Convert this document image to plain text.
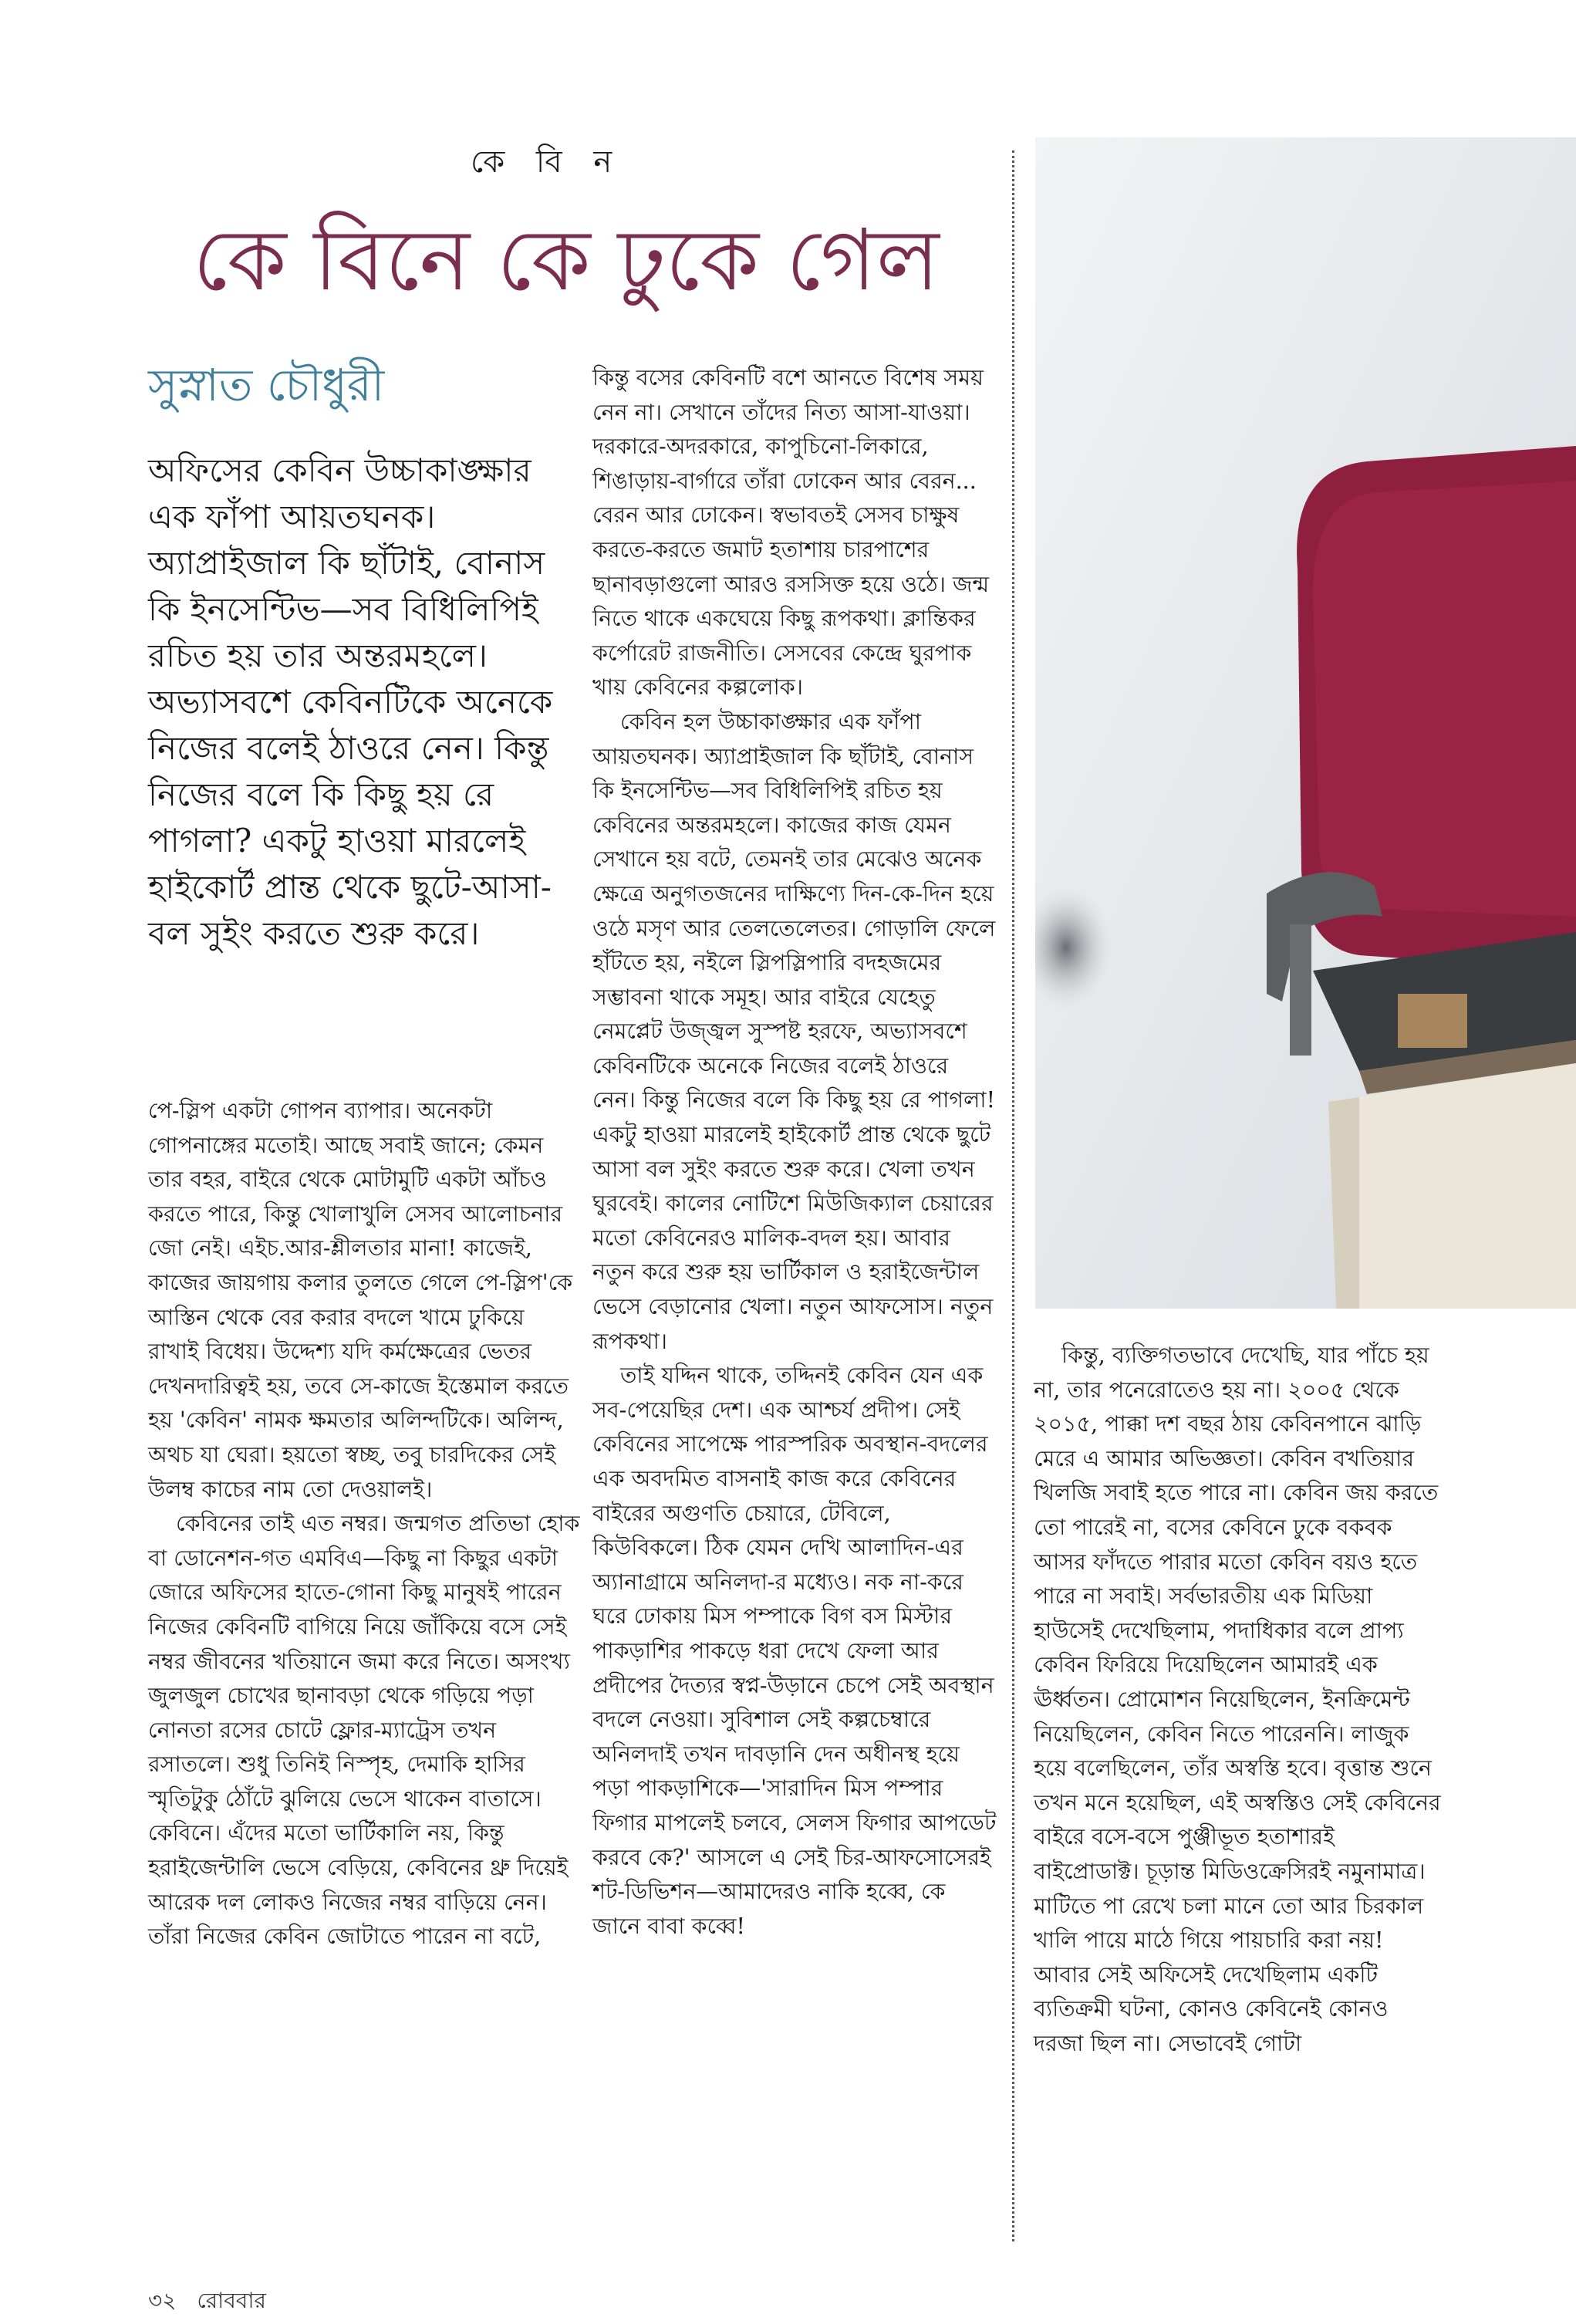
কে বি ন
কে বিনে কে ঢুকে গেল
সুস্নাত চৌধুরী

অফিসের কেবিন উচ্চাকাঙ্ক্ষার এক ফাঁপা আয়তঘনক। অ্যাপ্রাইজাল কি ছাঁটাই, বোনাস কি ইনসেন্টিভ—সব বিধিলিপিই রচিত হয় তার অন্তরমহলে। অভ্যাসবশে কেবিনটিকে অনেকে নিজের বলেই ঠাওরে নেন। কিন্তু নিজের বলে কি কিছু হয় রে পাগলা? একটু হাওয়া মারলেই হাইকোর্ট প্রান্ত থেকে ছুটে-আসা-বল সুইং করতে শুরু করে।

পে-স্লিপ একটা গোপন ব্যাপার। অনেকটা গোপনাঙ্গের মতোই। আছে সবাই জানে; কেমন তার বহর, বাইরে থেকে মোটামুটি একটা আঁচও করতে পারে, কিন্তু খোলাখুলি সেসব আলোচনার জো নেই। এইচ.আর-শ্লীলতার মানা! কাজেই, কাজের জায়গায় কলার তুলতে গেলে পে-স্লিপ'কে আস্তিন থেকে বের করার বদলে খামে ঢুকিয়ে রাখাই বিধেয়। উদ্দেশ্য যদি কর্মক্ষেত্রের ভেতর দেখনদারিত্বই হয়, তবে সে-কাজে ইস্তেমাল করতে হয় 'কেবিন' নামক ক্ষমতার অলিন্দটিকে। অলিন্দ, অথচ যা ঘেরা। হয়তো স্বচ্ছ, তবু চারদিকের সেই উলম্ব কাচের নাম তো দেওয়ালই।

কেবিনের তাই এত নম্বর। জন্মগত প্রতিভা হোক বা ডোনেশন-গত এমবিএ—কিছু না কিছুর একটা জোরে অফিসের হাতে-গোনা কিছু মানুষই পারেন নিজের কেবিনটি বাগিয়ে নিয়ে জাঁকিয়ে বসে সেই নম্বর জীবনের খতিয়ানে জমা করে নিতে। অসংখ্য জুলজুল চোখের ছানাবড়া থেকে গড়িয়ে পড়া নোনতা রসের চোটে ফ্লোর-ম্যাট্রেস তখন রসাতলে। শুধু তিনিই নিস্পৃহ, দেমাকি হাসির স্মৃতিটুকু ঠোঁটে ঝুলিয়ে ভেসে থাকেন বাতাসে। কেবিনে। এঁদের মতো ভার্টিকালি নয়, কিন্তু হরাইজেন্টালি ভেসে বেড়িয়ে, কেবিনের থ্রু দিয়েই আরেক দল লোকও নিজের নম্বর বাড়িয়ে নেন। তাঁরা নিজের কেবিন জোটাতে পারেন না বটে,

কিন্তু বসের কেবিনটি বশে আনতে বিশেষ সময় নেন না। সেখানে তাঁদের নিত্য আসা-যাওয়া। দরকারে-অদরকারে, কাপুচিনো-লিকারে, শিঙাড়ায়-বার্গারে তাঁরা ঢোকেন আর বেরন... বেরন আর ঢোকেন। স্বভাবতই সেসব চাক্ষুষ করতে-করতে জমাট হতাশায় চারপাশের ছানাবড়াগুলো আরও রসসিক্ত হয়ে ওঠে। জন্ম নিতে থাকে একঘেয়ে কিছু রূপকথা। ক্লান্তিকর কর্পোরেট রাজনীতি। সেসবের কেন্দ্রে ঘুরপাক খায় কেবিনের কল্পলোক।

কেবিন হল উচ্চাকাঙ্ক্ষার এক ফাঁপা আয়তঘনক। অ্যাপ্রাইজাল কি ছাঁটাই, বোনাস কি ইনসেন্টিভ—সব বিধিলিপিই রচিত হয় কেবিনের অন্তরমহলে। কাজের কাজ যেমন সেখানে হয় বটে, তেমনই তার মেঝেও অনেক ক্ষেত্রে অনুগতজনের দাক্ষিণ্যে দিন-কে-দিন হয়ে ওঠে মসৃণ আর তেলতেলেতর। গোড়ালি ফেলে হাঁটতে হয়, নইলে স্লিপস্লিপারি বদহজমের সম্ভাবনা থাকে সমূহ। আর বাইরে যেহেতু নেমপ্লেট উজ্জ্বল সুস্পষ্ট হরফে, অভ্যাসবশে কেবিনটিকে অনেকে নিজের বলেই ঠাওরে নেন। কিন্তু নিজের বলে কি কিছু হয় রে পাগলা! একটু হাওয়া মারলেই হাইকোর্ট প্রান্ত থেকে ছুটে আসা বল সুইং করতে শুরু করে। খেলা তখন ঘুরবেই। কালের নোটিশে মিউজিক্যাল চেয়ারের মতো কেবিনেরও মালিক-বদল হয়। আবার নতুন করে শুরু হয় ভার্টিকাল ও হরাইজেন্টাল ভেসে বেড়ানোর খেলা। নতুন আফসোস। নতুন রূপকথা।

তাই যদ্দিন থাকে, তদ্দিনই কেবিন যেন এক সব-পেয়েছির দেশ। এক আশ্চর্য প্রদীপ। সেই কেবিনের সাপেক্ষে পারস্পরিক অবস্থান-বদলের এক অবদমিত বাসনাই কাজ করে কেবিনের বাইরের অগুণতি চেয়ারে, টেবিলে, কিউবিকলে। ঠিক যেমন দেখি আলাদিন-এর অ্যানাগ্রামে অনিলদা-র মধ্যেও। নক না-করে ঘরে ঢোকায় মিস পম্পাকে বিগ বস মিস্টার পাকড়াশির পাকড়ে ধরা দেখে ফেলা আর প্রদীপের দৈত্যর স্বপ্ন-উড়ানে চেপে সেই অবস্থান বদলে নেওয়া। সুবিশাল সেই কল্পচেম্বারে অনিলদাই তখন দাবড়ানি দেন অধীনস্থ হয়ে পড়া পাকড়াশিকে—'সারাদিন মিস পম্পার ফিগার মাপলেই চলবে, সেলস ফিগার আপডেট করবে কে?' আসলে এ সেই চির-আফসোসেরই শট-ডিভিশন—আমাদেরও নাকি হব্বে, কে জানে বাবা কব্বে!

কিন্তু, ব্যক্তিগতভাবে দেখেছি, যার পাঁচে হয় না, তার পনেরোতেও হয় না। ২০০৫ থেকে ২০১৫, পাক্কা দশ বছর ঠায় কেবিনপানে ঝাড়ি মেরে এ আমার অভিজ্ঞতা। কেবিন বখতিয়ার খিলজি সবাই হতে পারে না। কেবিন জয় করতে তো পারেই না, বসের কেবিনে ঢুকে বকবক আসর ফাঁদতে পারার মতো কেবিন বয়ও হতে পারে না সবাই। সর্বভারতীয় এক মিডিয়া হাউসেই দেখেছিলাম, পদাধিকার বলে প্রাপ্য কেবিন ফিরিয়ে দিয়েছিলেন আমারই এক ঊর্ধ্বতন। প্রোমোশন নিয়েছিলেন, ইনক্রিমেন্ট নিয়েছিলেন, কেবিন নিতে পারেননি। লাজুক হয়ে বলেছিলেন, তাঁর অস্বস্তি হবে। বৃত্তান্ত শুনে তখন মনে হয়েছিল, এই অস্বস্তিও সেই কেবিনের বাইরে বসে-বসে পুঞ্জীভূত হতাশারই বাইপ্রোডাক্ট। চূড়ান্ত মিডিওক্রেসিরই নমুনামাত্র। মাটিতে পা রেখে চলা মানে তো আর চিরকাল খালি পায়ে মাঠে গিয়ে পায়চারি করা নয়! আবার সেই অফিসেই দেখেছিলাম একটি ব্যতিক্রমী ঘটনা, কোনও কেবিনেই কোনও দরজা ছিল না। সেভাবেই গোটা

৩২ রোববার
